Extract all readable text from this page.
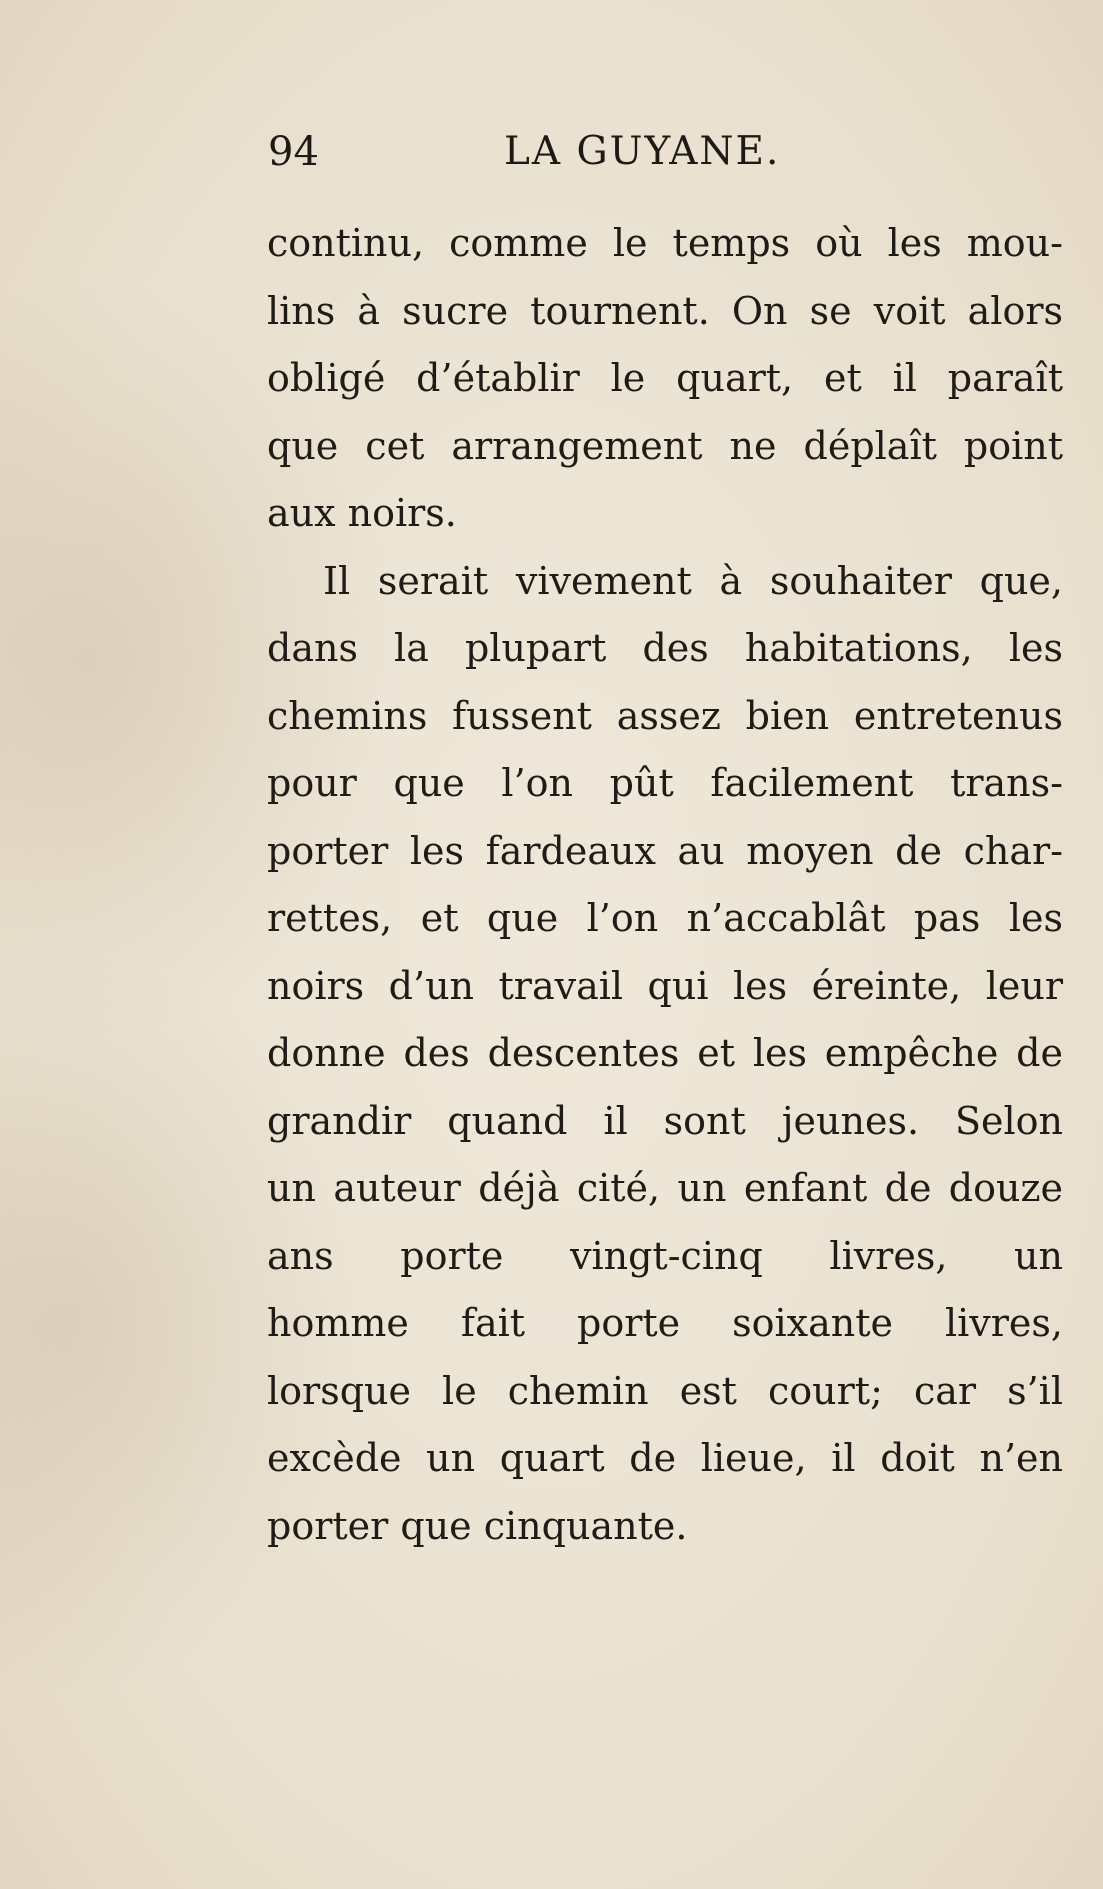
94	LA GUYANE.
continu, comme le temps où les mou-
lins à sucre tournent. On se voit alors
obligé d’établir le quart, et il paraît
que cet arrangement ne déplaît point
aux noirs.
Il serait vivement à souhaiter que,
dans la plupart des habitations, les
chemins fussent assez bien entretenus
pour que l’on pût facilement trans-
porter les fardeaux au moyen de char-
rettes, et que l’on n’accablât pas les
noirs d’un travail qui les éreinte, leur
donne des descentes et les empêche de
grandir quand il sont jeunes. Selon
un auteur déjà cité, un enfant de douze
ans porte vingt-cinq livres, un
homme fait porte soixante livres,
lorsque le chemin est court; car s’il
excède un quart de lieue, il doit n’en
porter que cinquante.
